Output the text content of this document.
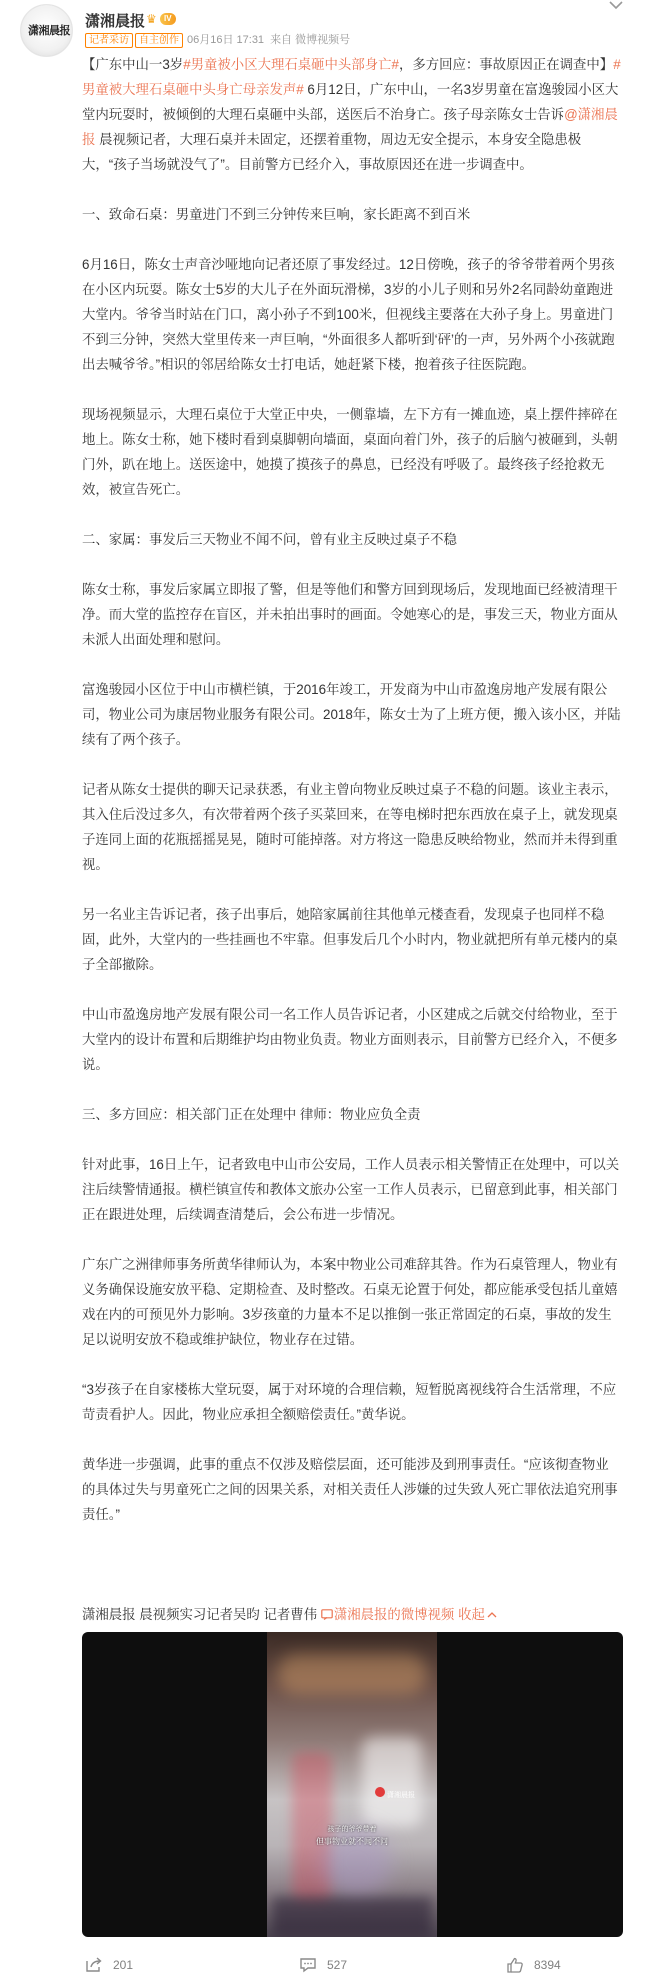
潇湘晨报
潇湘晨报 ♛ IV
记者采访 自主创作 06月16日 17:31 来自 微博视频号

【广东中山一3岁#男童被小区大理石桌砸中头部身亡#，多方回应：事故原因正在调查中】#男童被大理石桌砸中头身亡母亲发声# 6月12日，广东中山，一名3岁男童在富逸骏园小区大堂内玩耍时，被倾倒的大理石桌砸中头部，送医后不治身亡。孩子母亲陈女士告诉@潇湘晨报 晨视频记者，大理石桌并未固定，还摆着重物，周边无安全提示，本身安全隐患极大，“孩子当场就没气了”。目前警方已经介入，事故原因还在进一步调查中。

一、致命石桌：男童进门不到三分钟传来巨响，家长距离不到百米

6月16日，陈女士声音沙哑地向记者还原了事发经过。12日傍晚，孩子的爷爷带着两个男孩在小区内玩耍。陈女士5岁的大儿子在外面玩滑梯，3岁的小儿子则和另外2名同龄幼童跑进大堂内。爷爷当时站在门口，离小孙子不到100米，但视线主要落在大孙子身上。男童进门不到三分钟，突然大堂里传来一声巨响，“外面很多人都听到‘砰’的一声，另外两个小孩就跑出去喊爷爷。”相识的邻居给陈女士打电话，她赶紧下楼，抱着孩子往医院跑。

现场视频显示，大理石桌位于大堂正中央，一侧靠墙，左下方有一摊血迹，桌上摆件摔碎在地上。陈女士称，她下楼时看到桌脚朝向墙面，桌面向着门外，孩子的后脑勺被砸到，头朝门外，趴在地上。送医途中，她摸了摸孩子的鼻息，已经没有呼吸了。最终孩子经抢救无效，被宣告死亡。

二、家属：事发后三天物业不闻不问，曾有业主反映过桌子不稳

陈女士称，事发后家属立即报了警，但是等他们和警方回到现场后，发现地面已经被清理干净。而大堂的监控存在盲区，并未拍出事时的画面。令她寒心的是，事发三天，物业方面从未派人出面处理和慰问。

富逸骏园小区位于中山市横栏镇，于2016年竣工，开发商为中山市盈逸房地产发展有限公司，物业公司为康居物业服务有限公司。2018年，陈女士为了上班方便，搬入该小区，并陆续有了两个孩子。

记者从陈女士提供的聊天记录获悉，有业主曾向物业反映过桌子不稳的问题。该业主表示，其入住后没过多久，有次带着两个孩子买菜回来，在等电梯时把东西放在桌子上，就发现桌子连同上面的花瓶摇摇晃晃，随时可能掉落。对方将这一隐患反映给物业，然而并未得到重视。

另一名业主告诉记者，孩子出事后，她陪家属前往其他单元楼查看，发现桌子也同样不稳固，此外，大堂内的一些挂画也不牢靠。但事发后几个小时内，物业就把所有单元楼内的桌子全部撤除。

中山市盈逸房地产发展有限公司一名工作人员告诉记者，小区建成之后就交付给物业，至于大堂内的设计布置和后期维护均由物业负责。物业方面则表示，目前警方已经介入，不便多说。

三、多方回应：相关部门正在处理中 律师：物业应负全责

针对此事，16日上午，记者致电中山市公安局，工作人员表示相关警情正在处理中，可以关注后续警情通报。横栏镇宣传和教体文旅办公室一工作人员表示，已留意到此事，相关部门正在跟进处理，后续调查清楚后，会公布进一步情况。

广东广之洲律师事务所黄华律师认为，本案中物业公司难辞其咎。作为石桌管理人，物业有义务确保设施安放平稳、定期检查、及时整改。石桌无论置于何处，都应能承受包括儿童嬉戏在内的可预见外力影响。3岁孩童的力量本不足以推倒一张正常固定的石桌，事故的发生足以说明安放不稳或维护缺位，物业存在过错。

“3岁孩子在自家楼栋大堂玩耍，属于对环境的合理信赖，短暂脱离视线符合生活常理，不应苛责看护人。因此，物业应承担全额赔偿责任。”黄华说。

黄华进一步强调，此事的重点不仅涉及赔偿层面，还可能涉及到刑事责任。“应该彻查物业的具体过失与男童死亡之间的因果关系，对相关责任人涉嫌的过失致人死亡罪依法追究刑事责任。”

潇湘晨报 晨视频实习记者吴昀 记者曹伟 潇湘晨报的微博视频 收起
潇湘晨报
孩子的爷爷带着
但事物业就不闻不问
201	527	8394
